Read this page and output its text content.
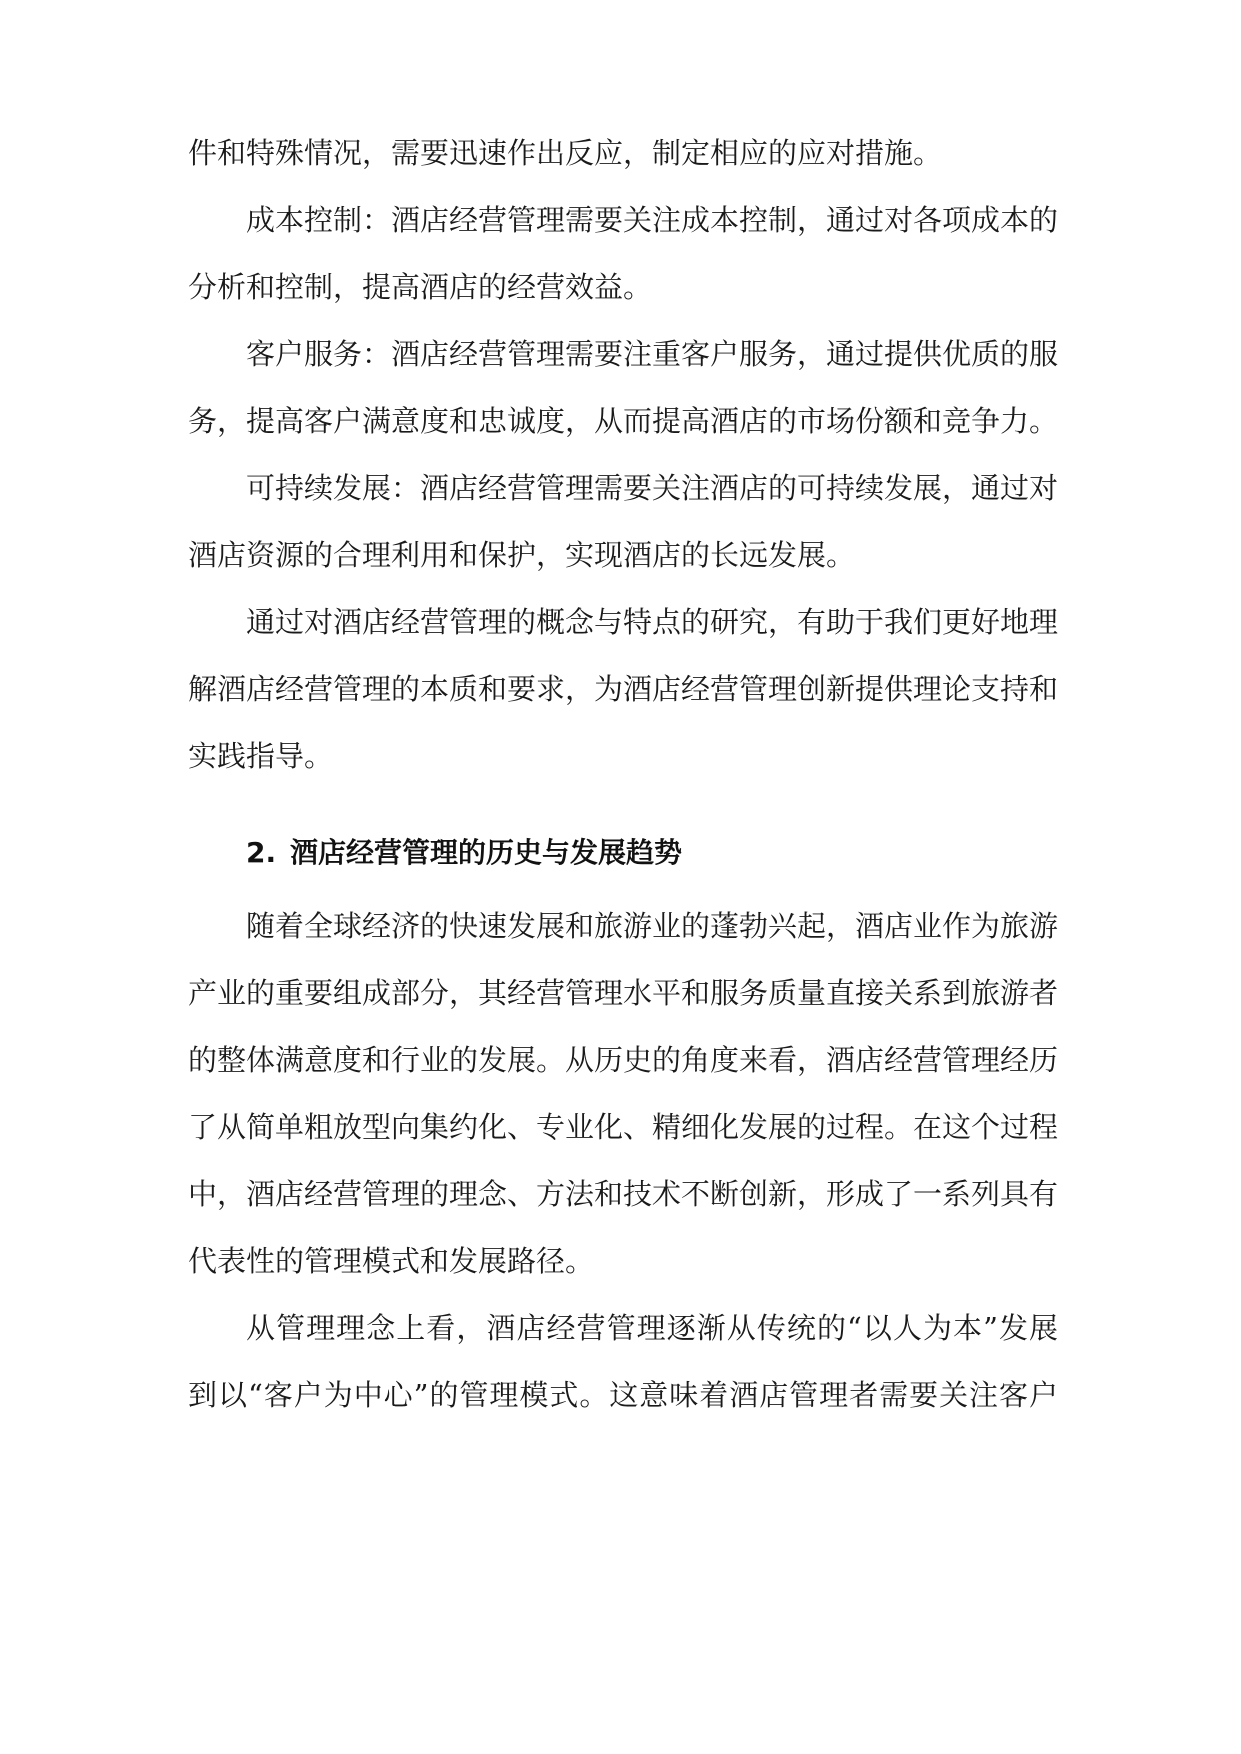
件和特殊情况，需要迅速作出反应，制定相应的应对措施。
成本控制：酒店经营管理需要关注成本控制，通过对各项成本的
分析和控制，提高酒店的经营效益。
客户服务：酒店经营管理需要注重客户服务，通过提供优质的服
务，提高客户满意度和忠诚度，从而提高酒店的市场份额和竞争力。
可持续发展：酒店经营管理需要关注酒店的可持续发展，通过对
酒店资源的合理利用和保护，实现酒店的长远发展。
通过对酒店经营管理的概念与特点的研究，有助于我们更好地理
解酒店经营管理的本质和要求，为酒店经营管理创新提供理论支持和
实践指导。
2. 酒店经营管理的历史与发展趋势
随着全球经济的快速发展和旅游业的蓬勃兴起，酒店业作为旅游
产业的重要组成部分，其经营管理水平和服务质量直接关系到旅游者
的整体满意度和行业的发展。从历史的角度来看，酒店经营管理经历
了从简单粗放型向集约化、专业化、精细化发展的过程。在这个过程
中，酒店经营管理的理念、方法和技术不断创新，形成了一系列具有
代表性的管理模式和发展路径。
从管理理念上看，酒店经营管理逐渐从传统的“以人为本”发展
到以“客户为中心”的管理模式。这意味着酒店管理者需要关注客户
